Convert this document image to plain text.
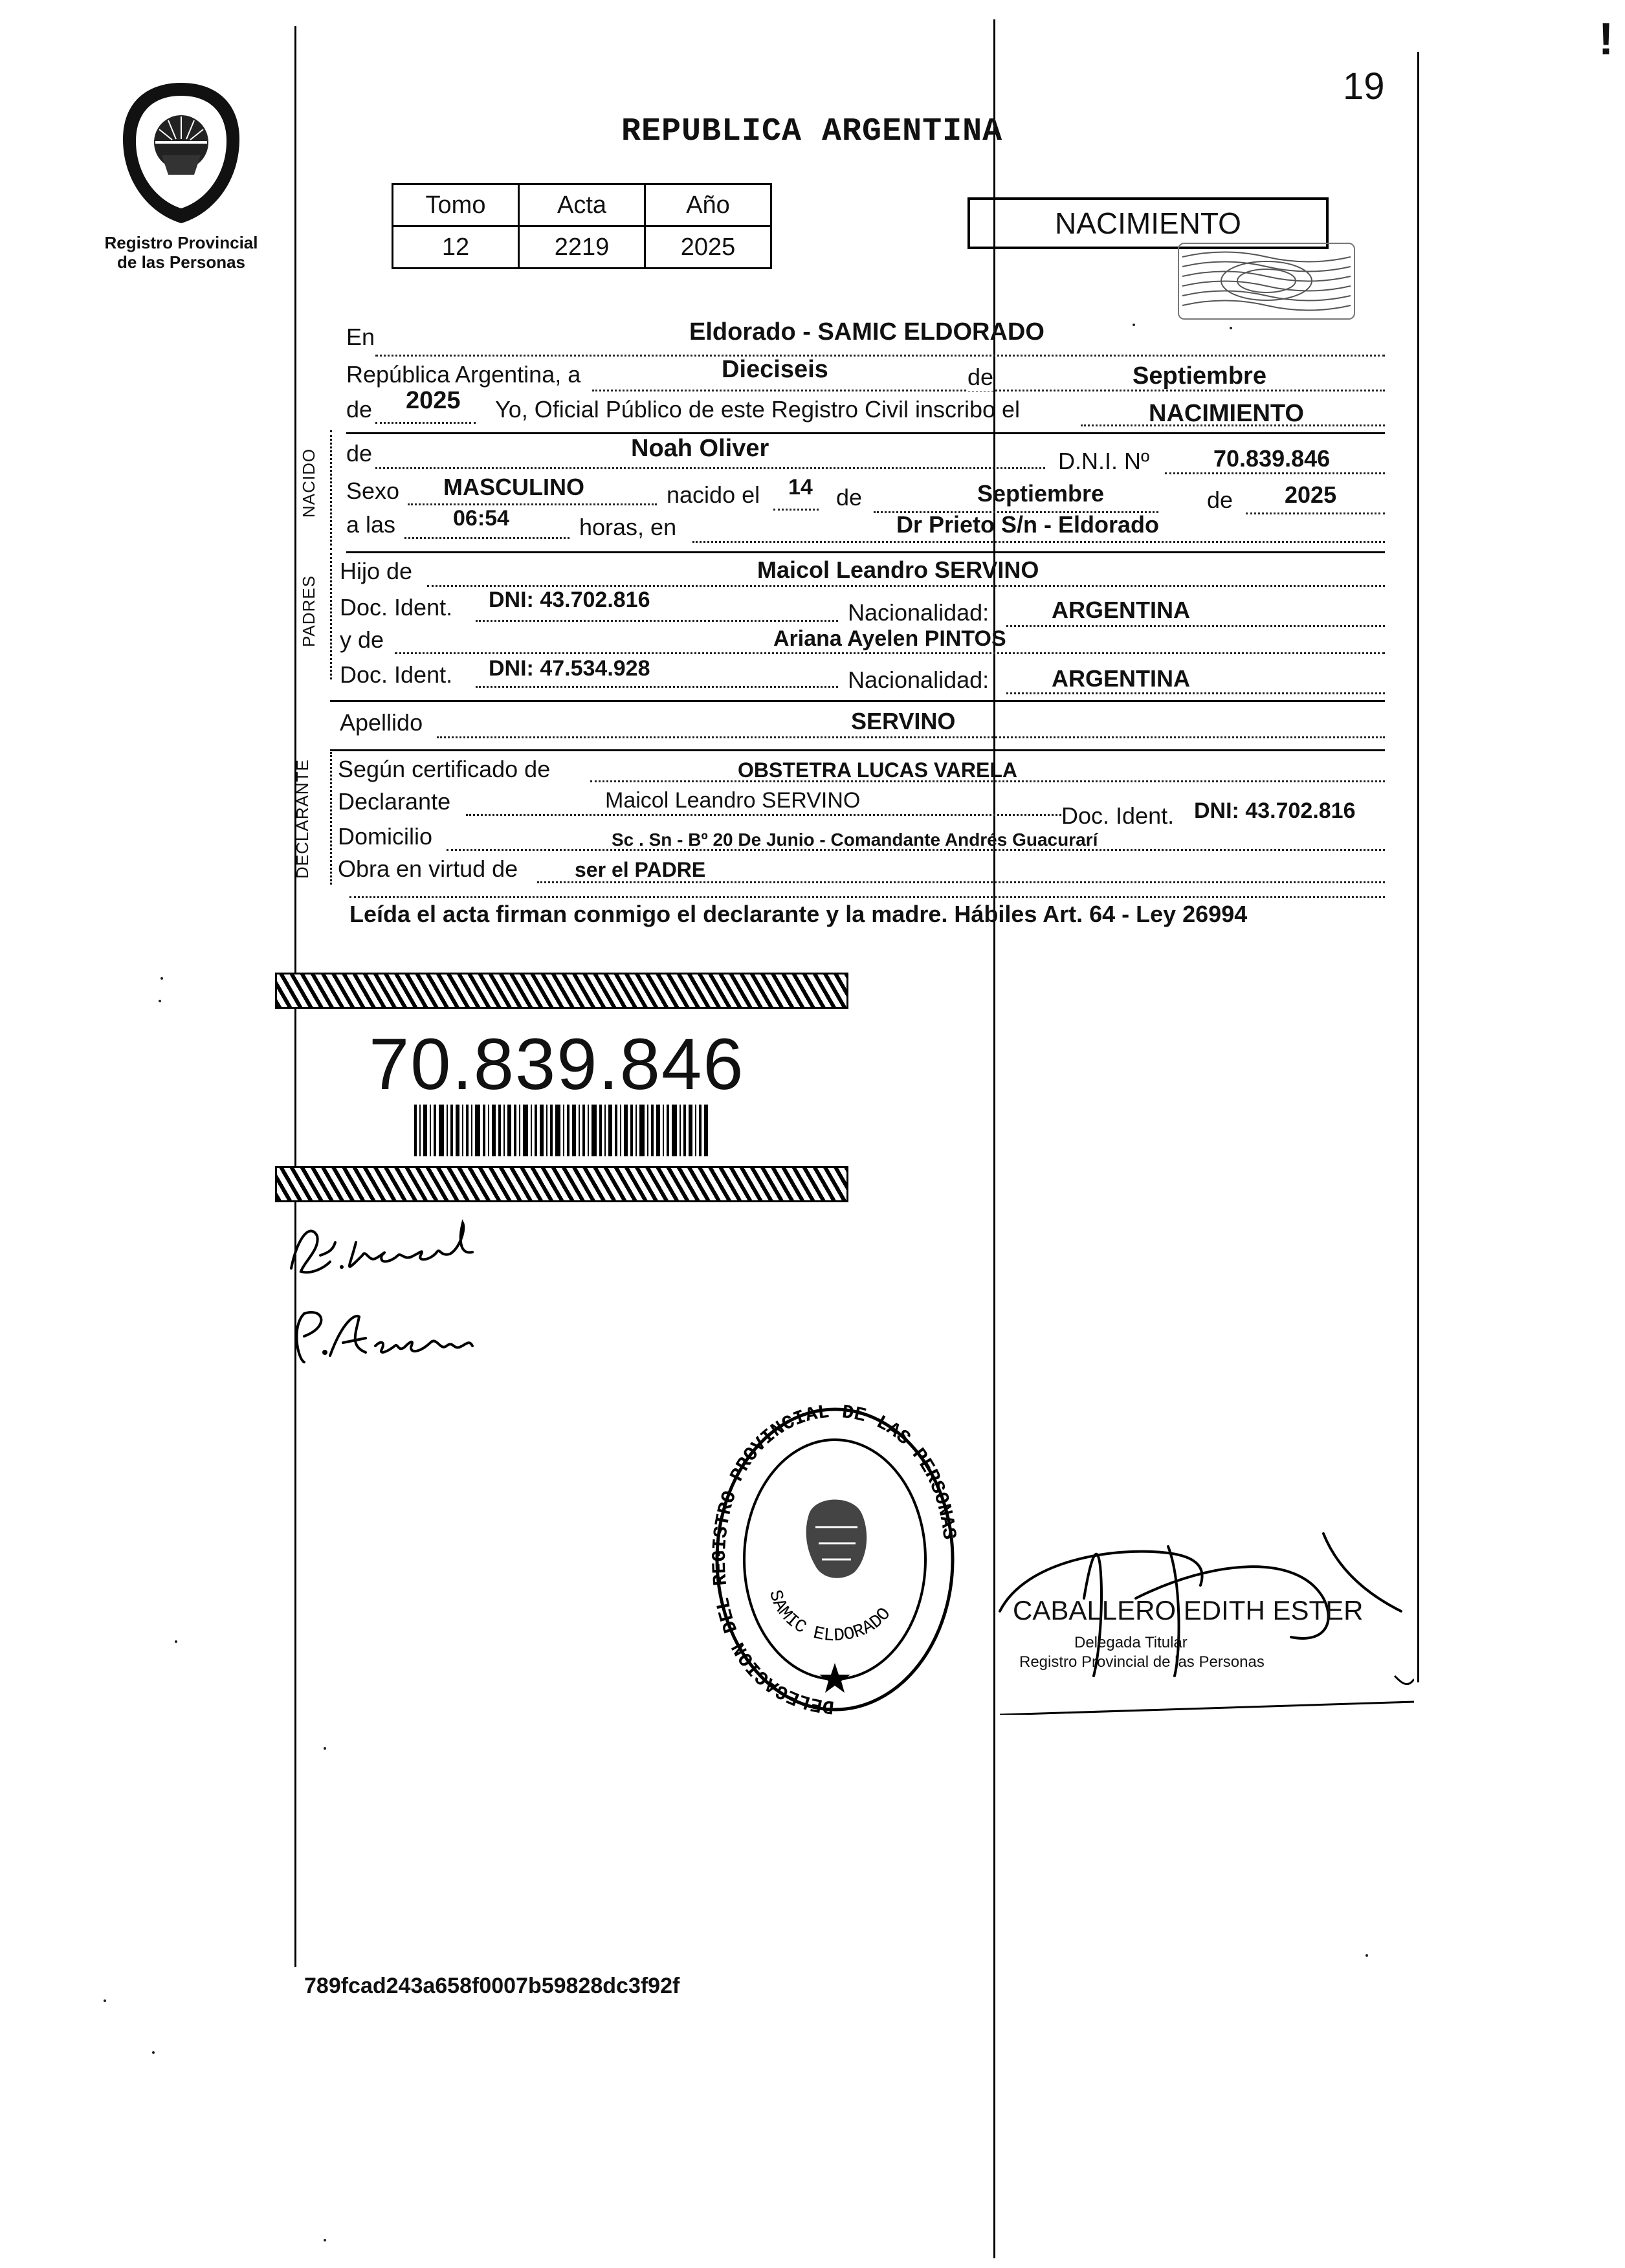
!
19
Registro Provincial
de las Personas
REPUBLICA ARGENTINA
Tomo	Acta	Año
12	2219	2025
NACIMIENTO
En	Eldorado - SAMIC ELDORADO
República Argentina, a	Dieciseis	de	Septiembre
de 2025 Yo, Oficial Público de este Registro Civil inscribo el	NACIMIENTO
NACIDO de	Noah Oliver	D.N.I. Nº	70.839.846
Sexo MASCULINO	nacido el 14 de	Septiembre	de 2025
a las	06:54	horas, en	Dr Prieto S/n - Eldorado
PADRES
Hijo de	Maicol Leandro SERVINO
Doc. Ident. DNI: 43.702.816	Nacionalidad:	ARGENTINA
y de	Ariana Ayelen PINTOS
Doc. Ident. DNI: 47.534.928	Nacionalidad:	ARGENTINA
Apellido	SERVINO
DECLARANTE Según certificado de	OBSTETRA LUCAS VARELA
Declarante	Maicol Leandro SERVINO
Doc. Ident. DNI: 43.702.816
Domicilio	Sc . Sn - Bº 20 De Junio - Comandante Andrés Guacurarí
Obra en virtud de	ser el PADRE
Leída el acta firman conmigo el declarante y la madre. Hábiles Art. 64 - Ley 26994
70.839.846
DELEGACION DEL R STRO PROVINCIAL DE LAS PERSONAS
SAMIC ELDORADO	CABALLERO EDITH ESTER
Delegada Titular
Registro Provincial de las Personas
789fcad243a658f0007b59828dc3f92f
